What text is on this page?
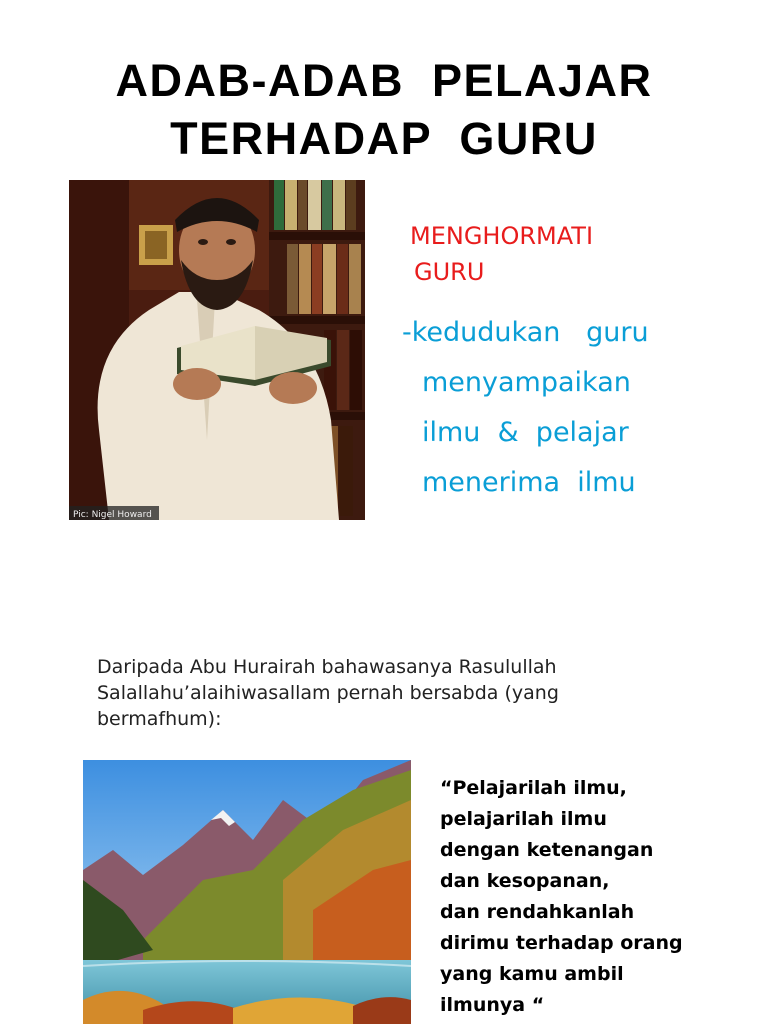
ADAB-ADAB  PELAJAR
TERHADAP  GURU
Pic: Nigel Howard
MENGHORMATI
GURU
-kedudukan   guru
menyampaikan
ilmu  &  pelajar
menerima  ilmu
Daripada Abu Hurairah bahawasanya Rasulullah
Salallahu’alaihiwasallam pernah bersabda (yang
bermafhum):
“Pelajarilah ilmu,
pelajarilah ilmu
dengan ketenangan
dan kesopanan,
dan rendahkanlah
dirimu terhadap orang
yang kamu ambil
ilmunya “
